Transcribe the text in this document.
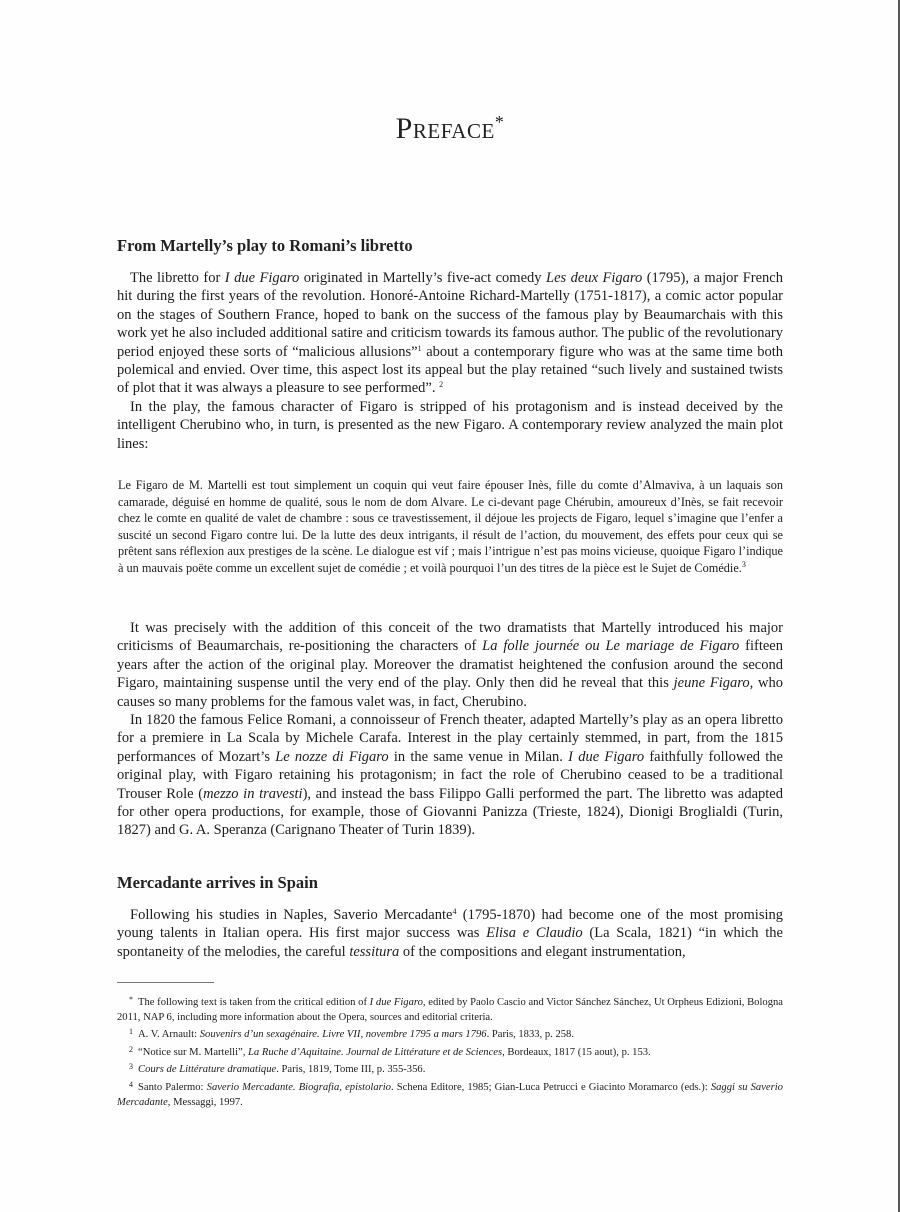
Preface*
From Martelly’s play to Romani’s libretto

The libretto for I due Figaro originated in Martelly’s five-act comedy Les deux Figaro (1795), a major French hit during the first years of the revolution. Honoré-Antoine Richard-Martelly (1751-1817), a comic actor popular on the stages of Southern France, hoped to bank on the success of the famous play by Beaumarchais with this work yet he also included additional satire and criticism towards its famous author. The public of the revolutionary period enjoyed these sorts of “malicious allusions”$^1$ about a contemporary figure who was at the same time both polemical and envied. Over time, this aspect lost its appeal but the play retained “such lively and sustained twists of plot that it was always a pleasure to see performed”. $^2$

In the play, the famous character of Figaro is stripped of his protagonism and is instead deceived by the intelligent Cherubino who, in turn, is presented as the new Figaro. A contemporary review analyzed the main plot lines:

Le Figaro de M. Martelli est tout simplement un coquin qui veut faire épouser Inès, fille du comte d’Almaviva, à un laquais son camarade, déguisé en homme de qualité, sous le nom de dom Alvare. Le ci-devant page Chérubin, amoureux d’Inès, se fait recevoir chez le comte en qualité de valet de chambre : sous ce travestissement, il déjoue les projects de Figaro, lequel s’imagine que l’enfer a suscité un second Figaro contre lui. De la lutte des deux intrigants, il résult de l’action, du mouvement, des effets pour ceux qui se prêtent sans réflexion aux prestiges de la scène. Le dialogue est vif ; mais l’intrigue n’est pas moins vicieuse, quoique Figaro l’indique à un mauvais poëte comme un excellent sujet de comédie ; et voilà pourquoi l’un des titres de la pièce est le Sujet de Comédie.$^3$

It was precisely with the addition of this conceit of the two dramatists that Martelly introduced his major criticisms of Beaumarchais, re-positioning the characters of La folle journée ou Le mariage de Figaro fifteen years after the action of the original play. Moreover the dramatist heightened the confusion around the second Figaro, maintaining suspense until the very end of the play. Only then did he reveal that this jeune Figaro, who causes so many problems for the famous valet was, in fact, Cherubino.

In 1820 the famous Felice Romani, a connoisseur of French theater, adapted Martelly’s play as an opera libretto for a premiere in La Scala by Michele Carafa. Interest in the play certainly stemmed, in part, from the 1815 performances of Mozart’s Le nozze di Figaro in the same venue in Milan. I due Figaro faithfully followed the original play, with Figaro retaining his protagonism; in fact the role of Cherubino ceased to be a traditional Trouser Role (mezzo in travesti), and instead the bass Filippo Galli performed the part. The libretto was adapted for other opera productions, for example, those of Giovanni Panizza (Trieste, 1824), Dionigi Broglialdi (Turin, 1827) and G. A. Speranza (Carignano Theater of Turin 1839).

Mercadante arrives in Spain

Following his studies in Naples, Saverio Mercadante$^4$ (1795-1870) had become one of the most promising young talents in Italian opera. His first major success was Elisa e Claudio (La Scala, 1821) “in which the spontaneity of the melodies, the careful tessitura of the compositions and elegant instrumentation,

* The following text is taken from the critical edition of I due Figaro, edited by Paolo Cascio and Victor Sánchez Sánchez, Ut Orpheus Edizioni, Bologna 2011, NAP 6, including more information about the Opera, sources and editorial criteria.

1 A. V. Arnault: Souvenirs d’un sexagénaire. Livre VII, novembre 1795 a mars 1796. Paris, 1833, p. 258.

2 “Notice sur M. Martelli”, La Ruche d’Aquitaine. Journal de Littérature et de Sciences, Bordeaux, 1817 (15 aout), p. 153.

3 Cours de Littérature dramatique. Paris, 1819, Tome III, p. 355-356.

4 Santo Palermo: Saverio Mercadante. Biografia, epistolario. Schena Editore, 1985; Gian-Luca Petrucci e Giacinto Moramarco (eds.): Saggi su Saverio Mercadante, Messaggi, 1997.
